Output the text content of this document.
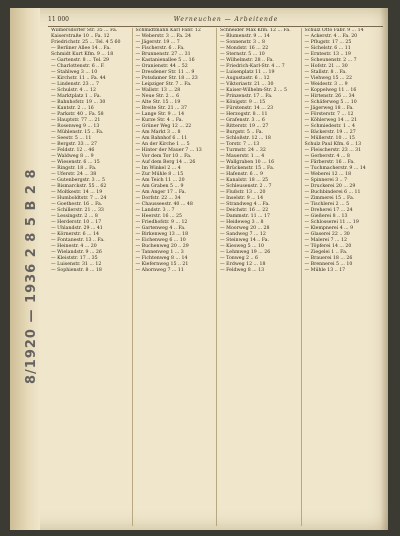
8/1920 — 1936 2 8 5 B 2 8
11 000	Werneuchen — Arbeitende
Wilmersdorfer Str. 35 ... Fa.
Kaiserstraße 10 .. Fa. 12
Friedrichstr. 25 ... Tel. 4 5 60
— Berliner Allee 14 .. Fa.
Schmidt Kurt Kfm. 9 ... 18
— Gartenstr. 8 ... Tel. 29
— Charlottenstr. 6 .. F.
— Stahlweg 3 ... 10
— Kirchstr. 11 .. Fa. 44
— Lindenstr. 23 ... 7
— Schulstr. 4 ... 12
— Marktplatz 1 .. Fa.
— Bahnhofstr. 19 ... 30
— Kantstr. 2 ... 16
— Parkstr. 40 .. Fa. 58
— Hauptstr. 77 ... 21
— Rosenweg 9 ... 13
— Mühlenstr. 15 .. Fa.
— Seestr. 5 ... 11
— Bergstr. 33 ... 27
— Feldstr. 12 .. 46
— Waldweg 8 ... 9
— Wiesenstr. 6 ... 15
— Ringstr. 18 .. Fa.
— Uferstr. 24 ... 38
— Gutenbergstr. 3 ... 5
— Bismarckstr. 55 .. 62
— Moltkestr. 14 ... 19
— Humboldtstr. 7 ... 24
— Goethestr. 16 .. Fa.
— Schillerstr. 21 ... 33
— Lessingstr. 2 ... 8
— Herderstr. 10 .. 17
— Uhlandstr. 29 ... 41
— Körnerstr. 6 ... 14
— Fontanestr. 13 .. Fa.
— Heinestr. 4 ... 20
— Wielandstr. 9 ... 26
— Kleiststr. 17 .. 35
— Luisenstr. 31 ... 12
— Sophienstr. 8 ... 18
Schmidtmann Karl Fabr. 12
— Weberstr. 3 ... Fa. 24
— Jägerstr. 19 ... 7
— Fischerstr. 6 .. Fa.
— Brunnenstr. 27 ... 31
— Kastanienallee 5 ... 16
— Oranienstr. 44 .. 52
— Dresdener Str. 11 ... 9
— Potsdamer Str. 18 ... 23
— Leipziger Str. 7 .. Fa.
— Wallstr. 13 ... 28
— Neue Str. 2 ... 6
— Alte Str. 15 .. 19
— Breite Str. 21 ... 37
— Lange Str. 9 ... 14
— Kurze Str. 4 .. Fa.
— Grüner Weg 12 ... 22
— Am Markt 3 ... 8
— Am Bahnhof 6 .. 11
— An der Kirche 1 ... 5
— Hinter der Mauer 7 ... 13
— Vor dem Tor 10 .. Fa.
— Auf dem Berg 14 ... 26
— Im Winkel 2 ... 4
— Zur Mühle 8 .. 15
— Am Teich 11 ... 20
— Am Graben 5 ... 9
— Am Anger 17 .. Fa.
— Dorfstr. 22 ... 34
— Chausseestr. 40 ... 48
— Landstr. 3 .. 7
— Heerstr. 16 ... 25
— Friedhofstr. 9 ... 12
— Gartenweg 4 .. Fa.
— Birkenweg 13 ... 18
— Eichenweg 6 ... 10
— Buchenweg 20 .. 29
— Tannenweg 1 ... 3
— Fichtenweg 8 ... 14
— Kiefernweg 15 .. 21
— Ahornweg 7 ... 11
Schneider Max Kfm. 12 ... Fa.
— Blumenstr. 9 ... 14
— Sonnenstr. 3 .. 8
— Mondstr. 16 ... 22
— Sternstr. 5 ... 10
— Wilhelmstr. 28 .. Fa.
— Friedrich-Karl-Str. 4 ... 7
— Luisenplatz 11 ... 19
— Augustastr. 6 .. 12
— Viktoriastr. 21 ... 30
— Kaiser-Wilhelm-Str. 2 ... 5
— Prinzenstr. 17 .. Fa.
— Königstr. 9 ... 15
— Fürstenstr. 14 ... 23
— Herzogstr. 8 .. 11
— Grafenstr. 3 ... 6
— Ritterstr. 19 ... 27
— Burgstr. 5 .. Fa.
— Schloßstr. 12 ... 18
— Torstr. 7 ... 13
— Turmstr. 24 .. 32
— Mauerstr. 1 ... 4
— Wallgraben 10 ... 16
— Brückenstr. 15 .. Fa.
— Hafenstr. 6 ... 9
— Kanalstr. 18 ... 25
— Schleusenstr. 2 .. 7
— Flußstr. 13 ... 20
— Inselstr. 9 ... 14
— Strandweg 4 .. Fa.
— Deichstr. 16 ... 22
— Dammstr. 11 ... 17
— Heideweg 3 .. 8
— Moorweg 20 ... 28
— Sandweg 7 ... 12
— Steinweg 14 .. Fa.
— Kiesweg 5 ... 10
— Lehmweg 19 ... 26
— Tonweg 2 .. 6
— Erdweg 12 ... 18
— Feldweg 8 ... 13
Schulz Otto Fabr. 9 ... 14
— Ackerstr. 4 .. Fa. 20
— Pflugstr. 17 ... 25
— Sichelstr. 6 ... 11
— Erntestr. 13 .. 19
— Scheunenstr. 2 ... 7
— Hofstr. 21 ... 30
— Stallstr. 8 .. Fa.
— Viehweg 15 ... 22
— Weidestr. 3 ... 9
— Koppelweg 11 .. 16
— Hirtenstr. 26 ... 34
— Schäferweg 5 ... 10
— Jägerweg 18 .. Fa.
— Försterstr. 7 ... 12
— Köhlerweg 14 ... 21
— Schmiedestr. 1 .. 4
— Bäckerstr. 19 ... 27
— Müllerstr. 10 ... 15
Schulz Paul Kfm. 6 .. 13
— Fleischerstr. 23 ... 31
— Gerberstr. 4 ... 8
— Färberstr. 16 .. Fa.
— Tuchmacherstr. 9 ... 14
— Weberei 12 ... 18
— Spinnerei 3 .. 7
— Druckerei 20 ... 29
— Buchbinderei 6 ... 11
— Zimmerei 15 .. Fa.
— Tischlerei 2 ... 5
— Dreherei 17 ... 24
— Gießerei 8 .. 13
— Schlosserei 11 ... 19
— Klempnerei 4 ... 9
— Glaserei 22 .. 30
— Malerei 7 ... 12
— Töpferei 14 ... 20
— Ziegelei 1 .. Fa.
— Brauerei 18 ... 26
— Brennerei 5 ... 10
— Mühle 13 .. 17
